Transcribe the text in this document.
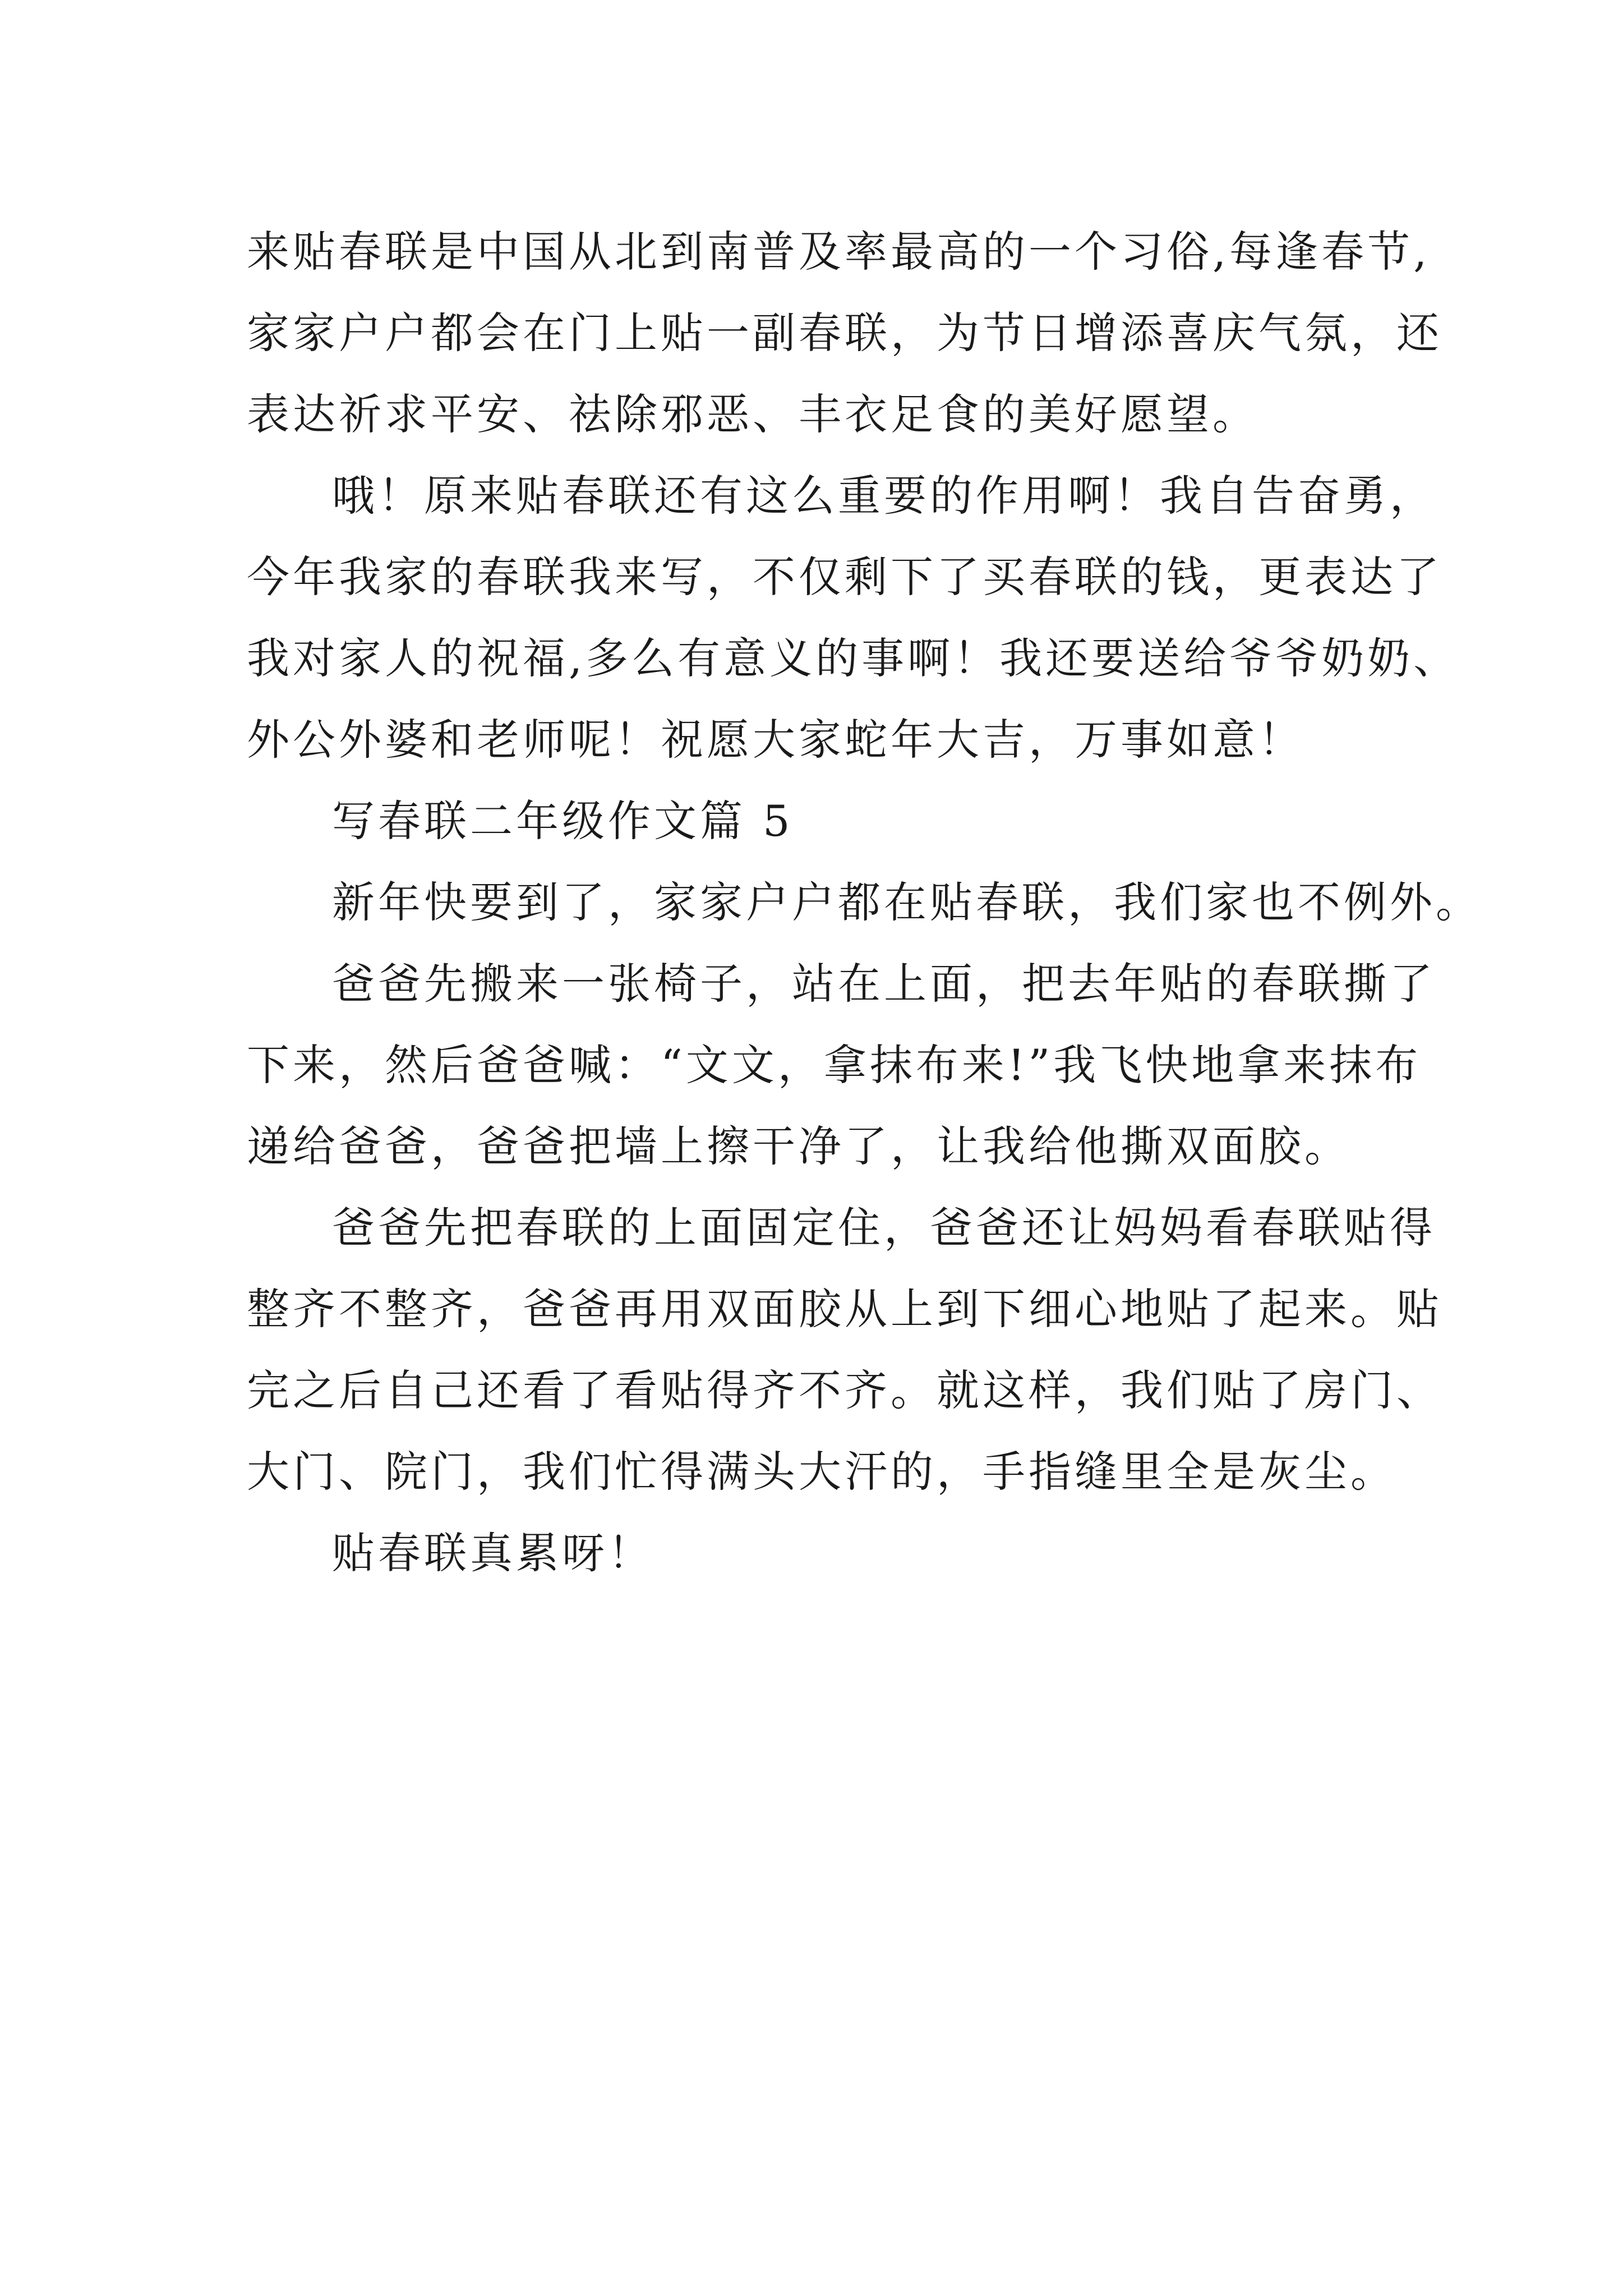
来贴春联是中国从北到南普及率最高的一个习俗,每逢春节,
家家户户都会在门上贴一副春联，为节日增添喜庆气氛，还
表达祈求平安、祛除邪恶、丰衣足食的美好愿望。
哦！原来贴春联还有这么重要的作用啊！我自告奋勇，
今年我家的春联我来写，不仅剩下了买春联的钱，更表达了
我对家人的祝福,多么有意义的事啊！我还要送给爷爷奶奶、
外公外婆和老师呢！祝愿大家蛇年大吉，万事如意！
写春联二年级作文篇 5
新年快要到了，家家户户都在贴春联，我们家也不例外。
爸爸先搬来一张椅子，站在上面，把去年贴的春联撕了
下来，然后爸爸喊：“文文，拿抹布来!”我飞快地拿来抹布
递给爸爸，爸爸把墙上擦干净了，让我给他撕双面胶。
爸爸先把春联的上面固定住，爸爸还让妈妈看春联贴得
整齐不整齐，爸爸再用双面胶从上到下细心地贴了起来。贴
完之后自己还看了看贴得齐不齐。就这样，我们贴了房门、
大门、院门，我们忙得满头大汗的，手指缝里全是灰尘。
贴春联真累呀！
